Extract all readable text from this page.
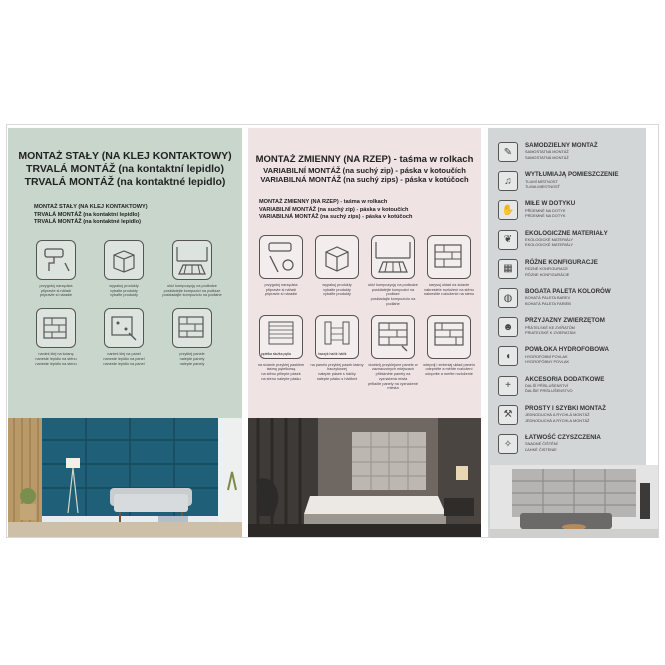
MONTAŻ STAŁY (NA KLEJ KONTAKTOWY)
TRVALÁ MONTÁŽ (na kontaktní lepidlo)
TRVALÁ MONTÁŽ (na kontaktné lepidlo)
MONTAŻ STAŁY (NA KLEJ KONTAKTOWY)
TRVALÁ MONTÁŽ (na kontaktní lepidlo)
TRVALÁ MONTÁŽ (na kontaktné lepidlo)
przygotuj narzędzia
připravte si nářadí
pripravte si náradie
wypakuj produkty
vybalte produkty
vybaľte produkty
ułóż kompozycję na podłodze
poskládejte kompozici na podlaze
poskladajte kompozíciu na podlahe
nanieś klej na ścianę
naneste lepidlo na stěnu
naneste lepidlo na stenu
nanieś klej na panel
naneste lepidlo na panel
naneste lepidlo na panel
przyklej panele
nalepte panely
nalepte panely
MONTAŻ ZMIENNY (NA RZEP) - taśma w rolkach
VARIABILNÍ MONTÁŽ (na suchý zip) - páska v kotoučích
VARIABILNÁ MONTÁŽ (na suchý zips) - páska v kotúčoch
MONTAŻ ZMIENNY (NA RZEP) - taśma w rolkach
VARIABILNÍ MONTÁŽ (na suchý zip) - páska v kotoučích
VARIABILNÁ MONTÁŽ (na suchý zips) - páska v kotúčoch
przygotuj narzędzia
připravte si nářadí
pripravte si náradie
wypakuj produkty
vybalte produkty
vybaľte produkty
ułóż kompozycję na podłodze
poskládejte kompozici na podlaze
poskladajte kompozíciu na podlahe
narysuj układ na ścianie
nakreslete rozložení na stěnu
nakreslite rozloženie na stenu
pętelka służka pętla
na ścianie przyklej paskiem taśmę pętelkową
na stěnu přilepte pásek
na stenu nalepte pásku
haczyk hačík háčik
na panelu przyklej pasek taśmy haczykowej
nalepte pásek s háčky
nalepte pásku s háčikmi
dociśnij przyklejone panele w zaznaczonych miejscach
přitiskněte panely na vyznačená místa
pritlačte panely na vyznačené miesta
odepnij i zmieniaj układ panelu
odepněte a měňte rozložení
odopnite a meňte rozloženie
✎
SAMODZIELNY MONTAŻ
SAMOSTATNÁ MONTÁŽ
SAMOSTATNÁ MONTÁŽ
♫
WYTŁUMIAJĄ POMIESZCZENIE
TLUMÍ MÍSTNOST
TLMIA MIESTNOSŤ
✋
MIŁE W DOTYKU
PŘÍJEMNÉ NA DOTYK
PRÍJEMNÉ NA DOTYK
❦
EKOLOGICZNE MATERIAŁY
EKOLOGICKÉ MATERIÁLY
EKOLOGICKÉ MATERIÁLY
▦
RÓŻNE KONFIGURACJE
RŮZNÉ KONFIGURACE
RÔZNE KONFIGURÁCIE
◍
BOGATA PALETA KOLORÓW
BOHATÁ PALETA BAREV
BOHATÁ PALETA FARIEB
☻
PRZYJAZNY ZWIERZĘTOM
PŘÁTELSKÉ KE ZVÍŘATŮM
PRIATEĽSKÉ K ZVIERATÁM
◖
POWŁOKA HYDROFOBOWA
HYDROFOBNÍ POVLAK
HYDROFÓBNY POVLAK
+
AKCESORIA DODATKOWE
DALŠÍ PŘÍSLUŠENSTVÍ
ĎALŠIE PRÍSLUŠENSTVO
⚒
PROSTY I SZYBKI MONTAŻ
JEDNODUCHÁ A RYCHLÁ MONTÁŽ
JEDNODUCHÁ A RÝCHLA MONTÁŽ
✧
ŁATWOŚĆ CZYSZCZENIA
SNADNÉ ČIŠTĚNÍ
ĽAHKÉ ČISTENIE
